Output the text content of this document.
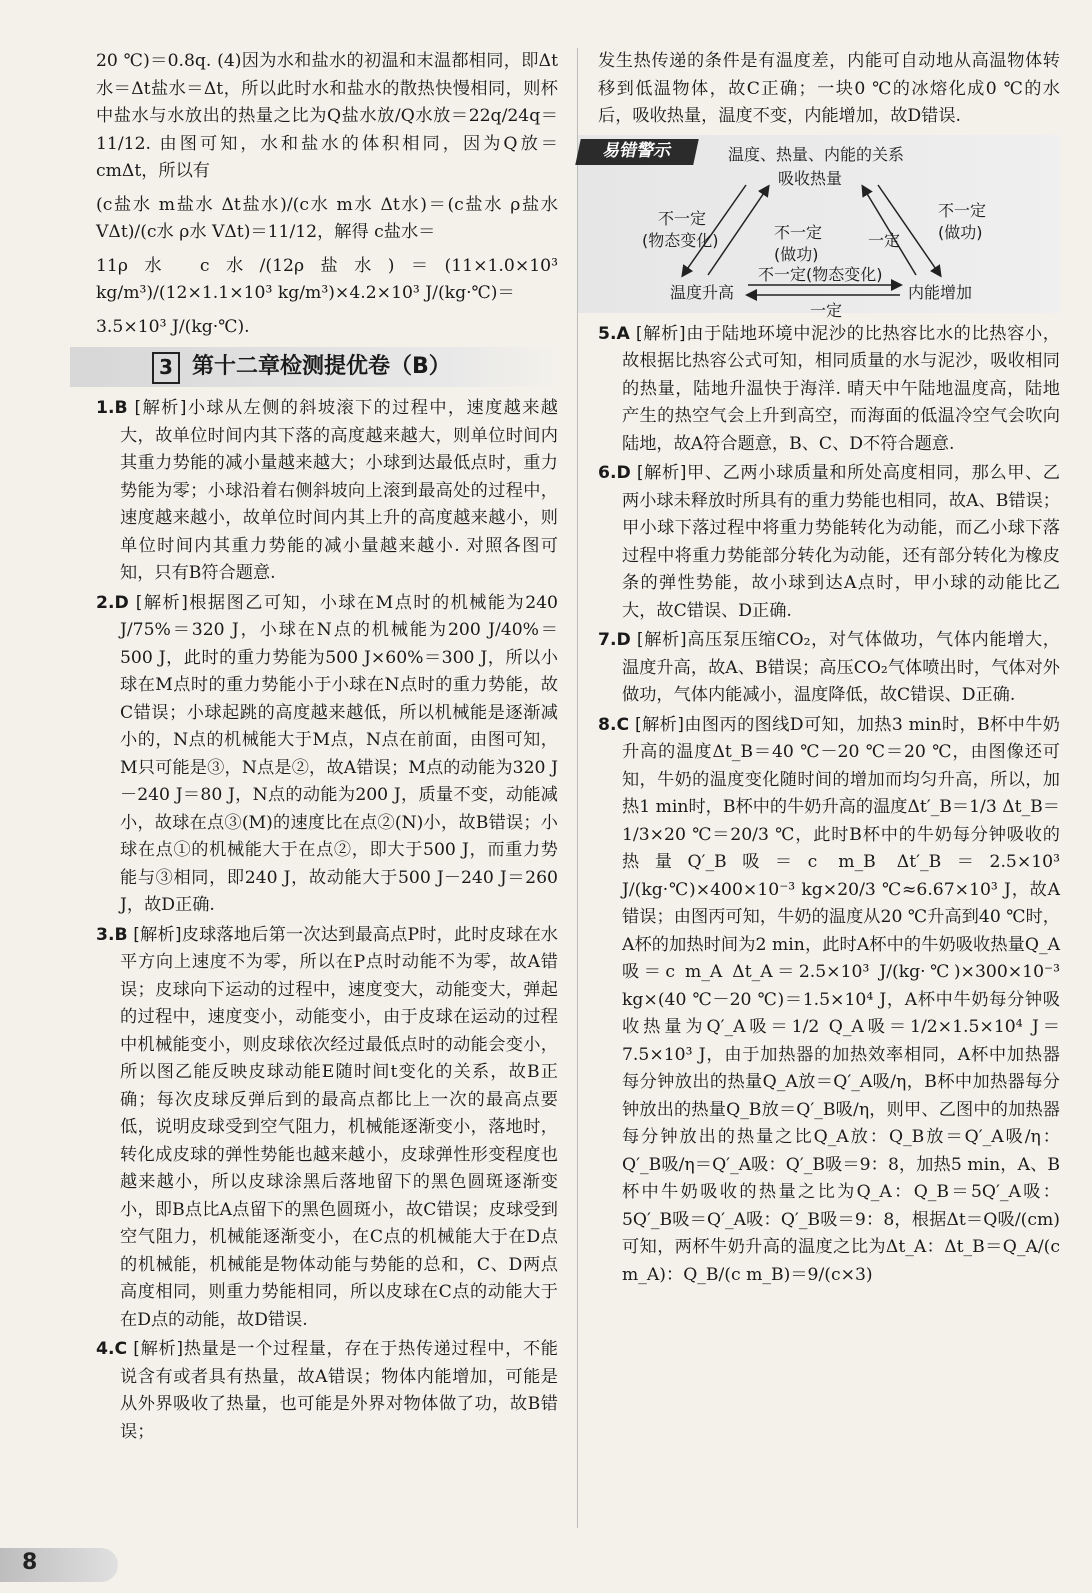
20 ℃)＝0.8q. (4)因为水和盐水的初温和末温都相同，即Δt水＝Δt盐水＝Δt，所以此时水和盐水的散热快慢相同，则杯中盐水与水放出的热量之比为Q盐水放/Q水放＝22q/24q＝11/12. 由图可知，水和盐水的体积相同，因为Q放＝cmΔt，所以有

(c盐水 m盐水 Δt盐水)/(c水 m水 Δt水)＝(c盐水 ρ盐水 VΔt)/(c水 ρ水 VΔt)＝11/12，解得 c盐水＝

11ρ水 c水/(12ρ盐水)＝(11×1.0×10³ kg/m³)/(12×1.1×10³ kg/m³)×4.2×10³ J/(kg·℃)＝

3.5×10³ J/(kg·℃).

3 第十二章检测提优卷（B）

1.B [解析]小球从左侧的斜坡滚下的过程中，速度越来越大，故单位时间内其下落的高度越来越大，则单位时间内其重力势能的减小量越来越大；小球到达最低点时，重力势能为零；小球沿着右侧斜坡向上滚到最高处的过程中，速度越来越小，故单位时间内其上升的高度越来越小，则单位时间内其重力势能的减小量越来越小. 对照各图可知，只有B符合题意.

2.D [解析]根据图乙可知，小球在M点时的机械能为240 J/75%＝320 J，小球在N点的机械能为200 J/40%＝500 J，此时的重力势能为500 J×60%＝300 J，所以小球在M点时的重力势能小于小球在N点时的重力势能，故C错误；小球起跳的高度越来越低，所以机械能是逐渐减小的，N点的机械能大于M点，N点在前面，由图可知，M只可能是③，N点是②，故A错误；M点的动能为320 J－240 J＝80 J，N点的动能为200 J，质量不变，动能减小，故球在点③(M)的速度比在点②(N)小，故B错误；小球在点①的机械能大于在点②，即大于500 J，而重力势能与③相同，即240 J，故动能大于500 J－240 J＝260 J，故D正确.

3.B [解析]皮球落地后第一次达到最高点P时，此时皮球在水平方向上速度不为零，所以在P点时动能不为零，故A错误；皮球向下运动的过程中，速度变大，动能变大，弹起的过程中，速度变小，动能变小，由于皮球在运动的过程中机械能变小，则皮球依次经过最低点时的动能会变小，所以图乙能反映皮球动能E随时间t变化的关系，故B正确；每次皮球反弹后到的最高点都比上一次的最高点要低，说明皮球受到空气阻力，机械能逐渐变小，落地时，转化成皮球的弹性势能也越来越小，皮球弹性形变程度也越来越小，所以皮球涂黑后落地留下的黑色圆斑逐渐变小，即B点比A点留下的黑色圆斑小，故C错误；皮球受到空气阻力，机械能逐渐变小，在C点的机械能大于在D点的机械能，机械能是物体动能与势能的总和，C、D两点高度相同，则重力势能相同，所以皮球在C点的动能大于在D点的动能，故D错误.

4.C [解析]热量是一个过程量，存在于热传递过程中，不能说含有或者具有热量，故A错误；物体内能增加，可能是从外界吸收了热量，也可能是外界对物体做了功，故B错误；

发生热传递的条件是有温度差，内能可自动地从高温物体转移到低温物体，故C正确；一块0 ℃的冰熔化成0 ℃的水后，吸收热量，温度不变，内能增加，故D错误.

易错警示	温度、热量、内能的关系
吸收热量
温度升高	内能增加
不一定
(物态变化)
不一定
(做功)
不一定
(做功)
一定
不一定(物态变化)
一定

5.A [解析]由于陆地环境中泥沙的比热容比水的比热容小，故根据比热容公式可知，相同质量的水与泥沙，吸收相同的热量，陆地升温快于海洋. 晴天中午陆地温度高，陆地产生的热空气会上升到高空，而海面的低温冷空气会吹向陆地，故A符合题意，B、C、D不符合题意.

6.D [解析]甲、乙两小球质量和所处高度相同，那么甲、乙两小球未释放时所具有的重力势能也相同，故A、B错误；甲小球下落过程中将重力势能转化为动能，而乙小球下落过程中将重力势能部分转化为动能，还有部分转化为橡皮条的弹性势能，故小球到达A点时，甲小球的动能比乙大，故C错误、D正确.

7.D [解析]高压泵压缩CO₂，对气体做功，气体内能增大，温度升高，故A、B错误；高压CO₂气体喷出时，气体对外做功，气体内能减小，温度降低，故C错误、D正确.

8.C [解析]由图丙的图线D可知，加热3 min时，B杯中牛奶升高的温度Δt_B＝40 ℃－20 ℃＝20 ℃，由图像还可知，牛奶的温度变化随时间的增加而均匀升高，所以，加热1 min时，B杯中的牛奶升高的温度Δt′_B＝1/3 Δt_B＝1/3×20 ℃＝20/3 ℃，此时B杯中的牛奶每分钟吸收的热量Q′_B吸＝c m_B Δt′_B＝2.5×10³ J/(kg·℃)×400×10⁻³ kg×20/3 ℃≈6.67×10³ J，故A错误；由图丙可知，牛奶的温度从20 ℃升高到40 ℃时，A杯的加热时间为2 min，此时A杯中的牛奶吸收热量Q_A吸＝c m_A Δt_A＝2.5×10³ J/(kg·℃)×300×10⁻³ kg×(40 ℃－20 ℃)＝1.5×10⁴ J，A杯中牛奶每分钟吸收热量为Q′_A吸＝1/2 Q_A吸＝1/2×1.5×10⁴ J＝7.5×10³ J，由于加热器的加热效率相同，A杯中加热器每分钟放出的热量Q_A放＝Q′_A吸/η，B杯中加热器每分钟放出的热量Q_B放＝Q′_B吸/η，则甲、乙图中的加热器每分钟放出的热量之比Q_A放：Q_B放＝Q′_A吸/η：Q′_B吸/η＝Q′_A吸：Q′_B吸＝9：8，加热5 min，A、B杯中牛奶吸收的热量之比为Q_A：Q_B＝5Q′_A吸：5Q′_B吸＝Q′_A吸：Q′_B吸＝9：8，根据Δt＝Q吸/(cm)可知，两杯牛奶升高的温度之比为Δt_A：Δt_B＝Q_A/(c m_A)：Q_B/(c m_B)＝9/(c×3)

8
